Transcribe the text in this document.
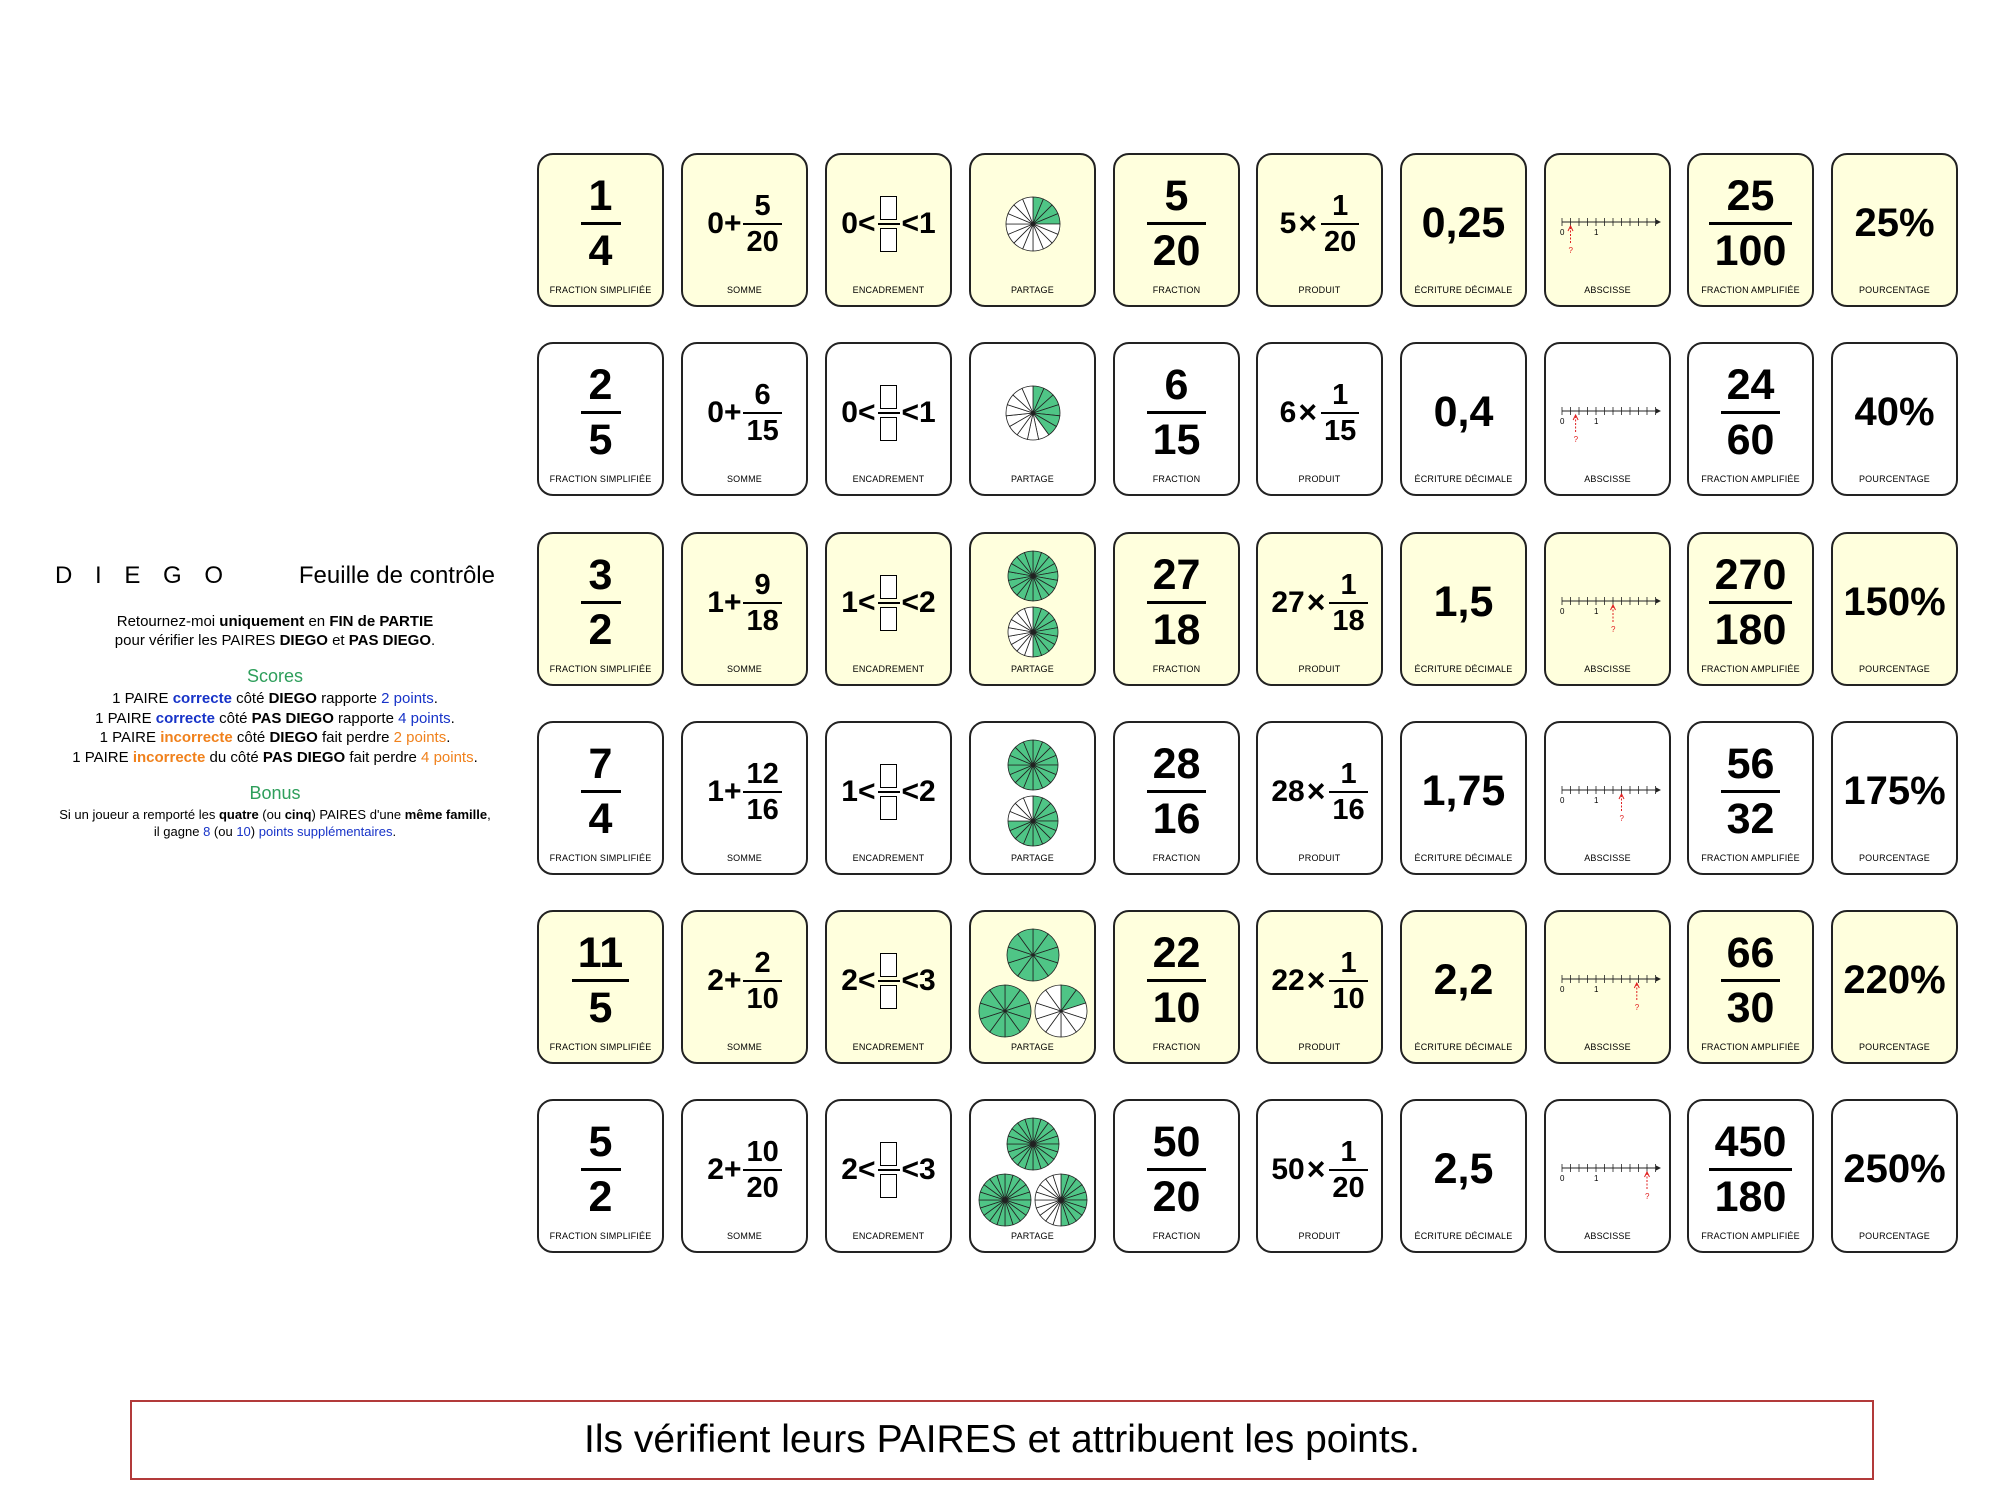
D I E G O	Feuille de contrôle
Retournez-moi uniquement en FIN de PARTIE
pour vérifier les PAIRES DIEGO et PAS DIEGO.
Scores
1 PAIRE correcte côté DIEGO rapporte 2 points.
1 PAIRE correcte côté PAS DIEGO rapporte 4 points.
1 PAIRE incorrecte côté DIEGO fait perdre 2 points.
1 PAIRE incorrecte du côté PAS DIEGO fait perdre 4 points.
Bonus
Si un joueur a remporté les quatre (ou cinq) PAIRES d'une même famille,
il gagne 8 (ou 10) points supplémentaires.
$\frac{1}{4}$
FRACTION SIMPLIFIÉE
$0 + \frac{5}{20}$
SOMME
0 < < 1
ENCADREMENT	PARTAGE
$\frac{5}{20}$
FRACTION
$5 \times \frac{1}{20}$
PRODUIT
0,25
ÉCRITURE DÉCIMALE
0	1
?
ABSCISSE
$\frac{25}{100}$
FRACTION AMPLIFIÉE
25%
POURCENTAGE
$\frac{2}{5}$
FRACTION SIMPLIFIÉE
$0 + \frac{6}{15}$
SOMME
0 < < 1
ENCADREMENT	PARTAGE
$\frac{6}{15}$
FRACTION
$6 \times \frac{1}{15}$
PRODUIT
0,4
ÉCRITURE DÉCIMALE
0	1
?
ABSCISSE
$\frac{24}{60}$
FRACTION AMPLIFIÉE
40%
POURCENTAGE
$\frac{3}{2}$
FRACTION SIMPLIFIÉE
$1 + \frac{9}{18}$
SOMME
1 < < 2
ENCADREMENT	PARTAGE
$\frac{27}{18}$
FRACTION
$27 \times \frac{1}{18}$
PRODUIT
1,5
ÉCRITURE DÉCIMALE
0	1
?
ABSCISSE
$\frac{270}{180}$
FRACTION AMPLIFIÉE
150%
POURCENTAGE
$\frac{7}{4}$
FRACTION SIMPLIFIÉE
$1 + \frac{12}{16}$
SOMME
1 < < 2
ENCADREMENT	PARTAGE
$\frac{28}{16}$
FRACTION
$28 \times \frac{1}{16}$
PRODUIT
1,75
ÉCRITURE DÉCIMALE
0	1
?
ABSCISSE
$\frac{56}{32}$
FRACTION AMPLIFIÉE
175%
POURCENTAGE
$\frac{11}{5}$
FRACTION SIMPLIFIÉE
$2 + \frac{2}{10}$
SOMME
2 < < 3
ENCADREMENT	PARTAGE
$\frac{22}{10}$
FRACTION
$22 \times \frac{1}{10}$
PRODUIT
2,2
ÉCRITURE DÉCIMALE
0	1
?
ABSCISSE
$\frac{66}{30}$
FRACTION AMPLIFIÉE
220%
POURCENTAGE
$\frac{5}{2}$
FRACTION SIMPLIFIÉE
$2 + \frac{10}{20}$
SOMME
2 < < 3
ENCADREMENT	PARTAGE
$\frac{50}{20}$
FRACTION
$50 \times \frac{1}{20}$
PRODUIT
2,5
ÉCRITURE DÉCIMALE
0	1
?
ABSCISSE
$\frac{450}{180}$
FRACTION AMPLIFIÉE
250%
POURCENTAGE
Ils vérifient leurs PAIRES et attribuent les points.
